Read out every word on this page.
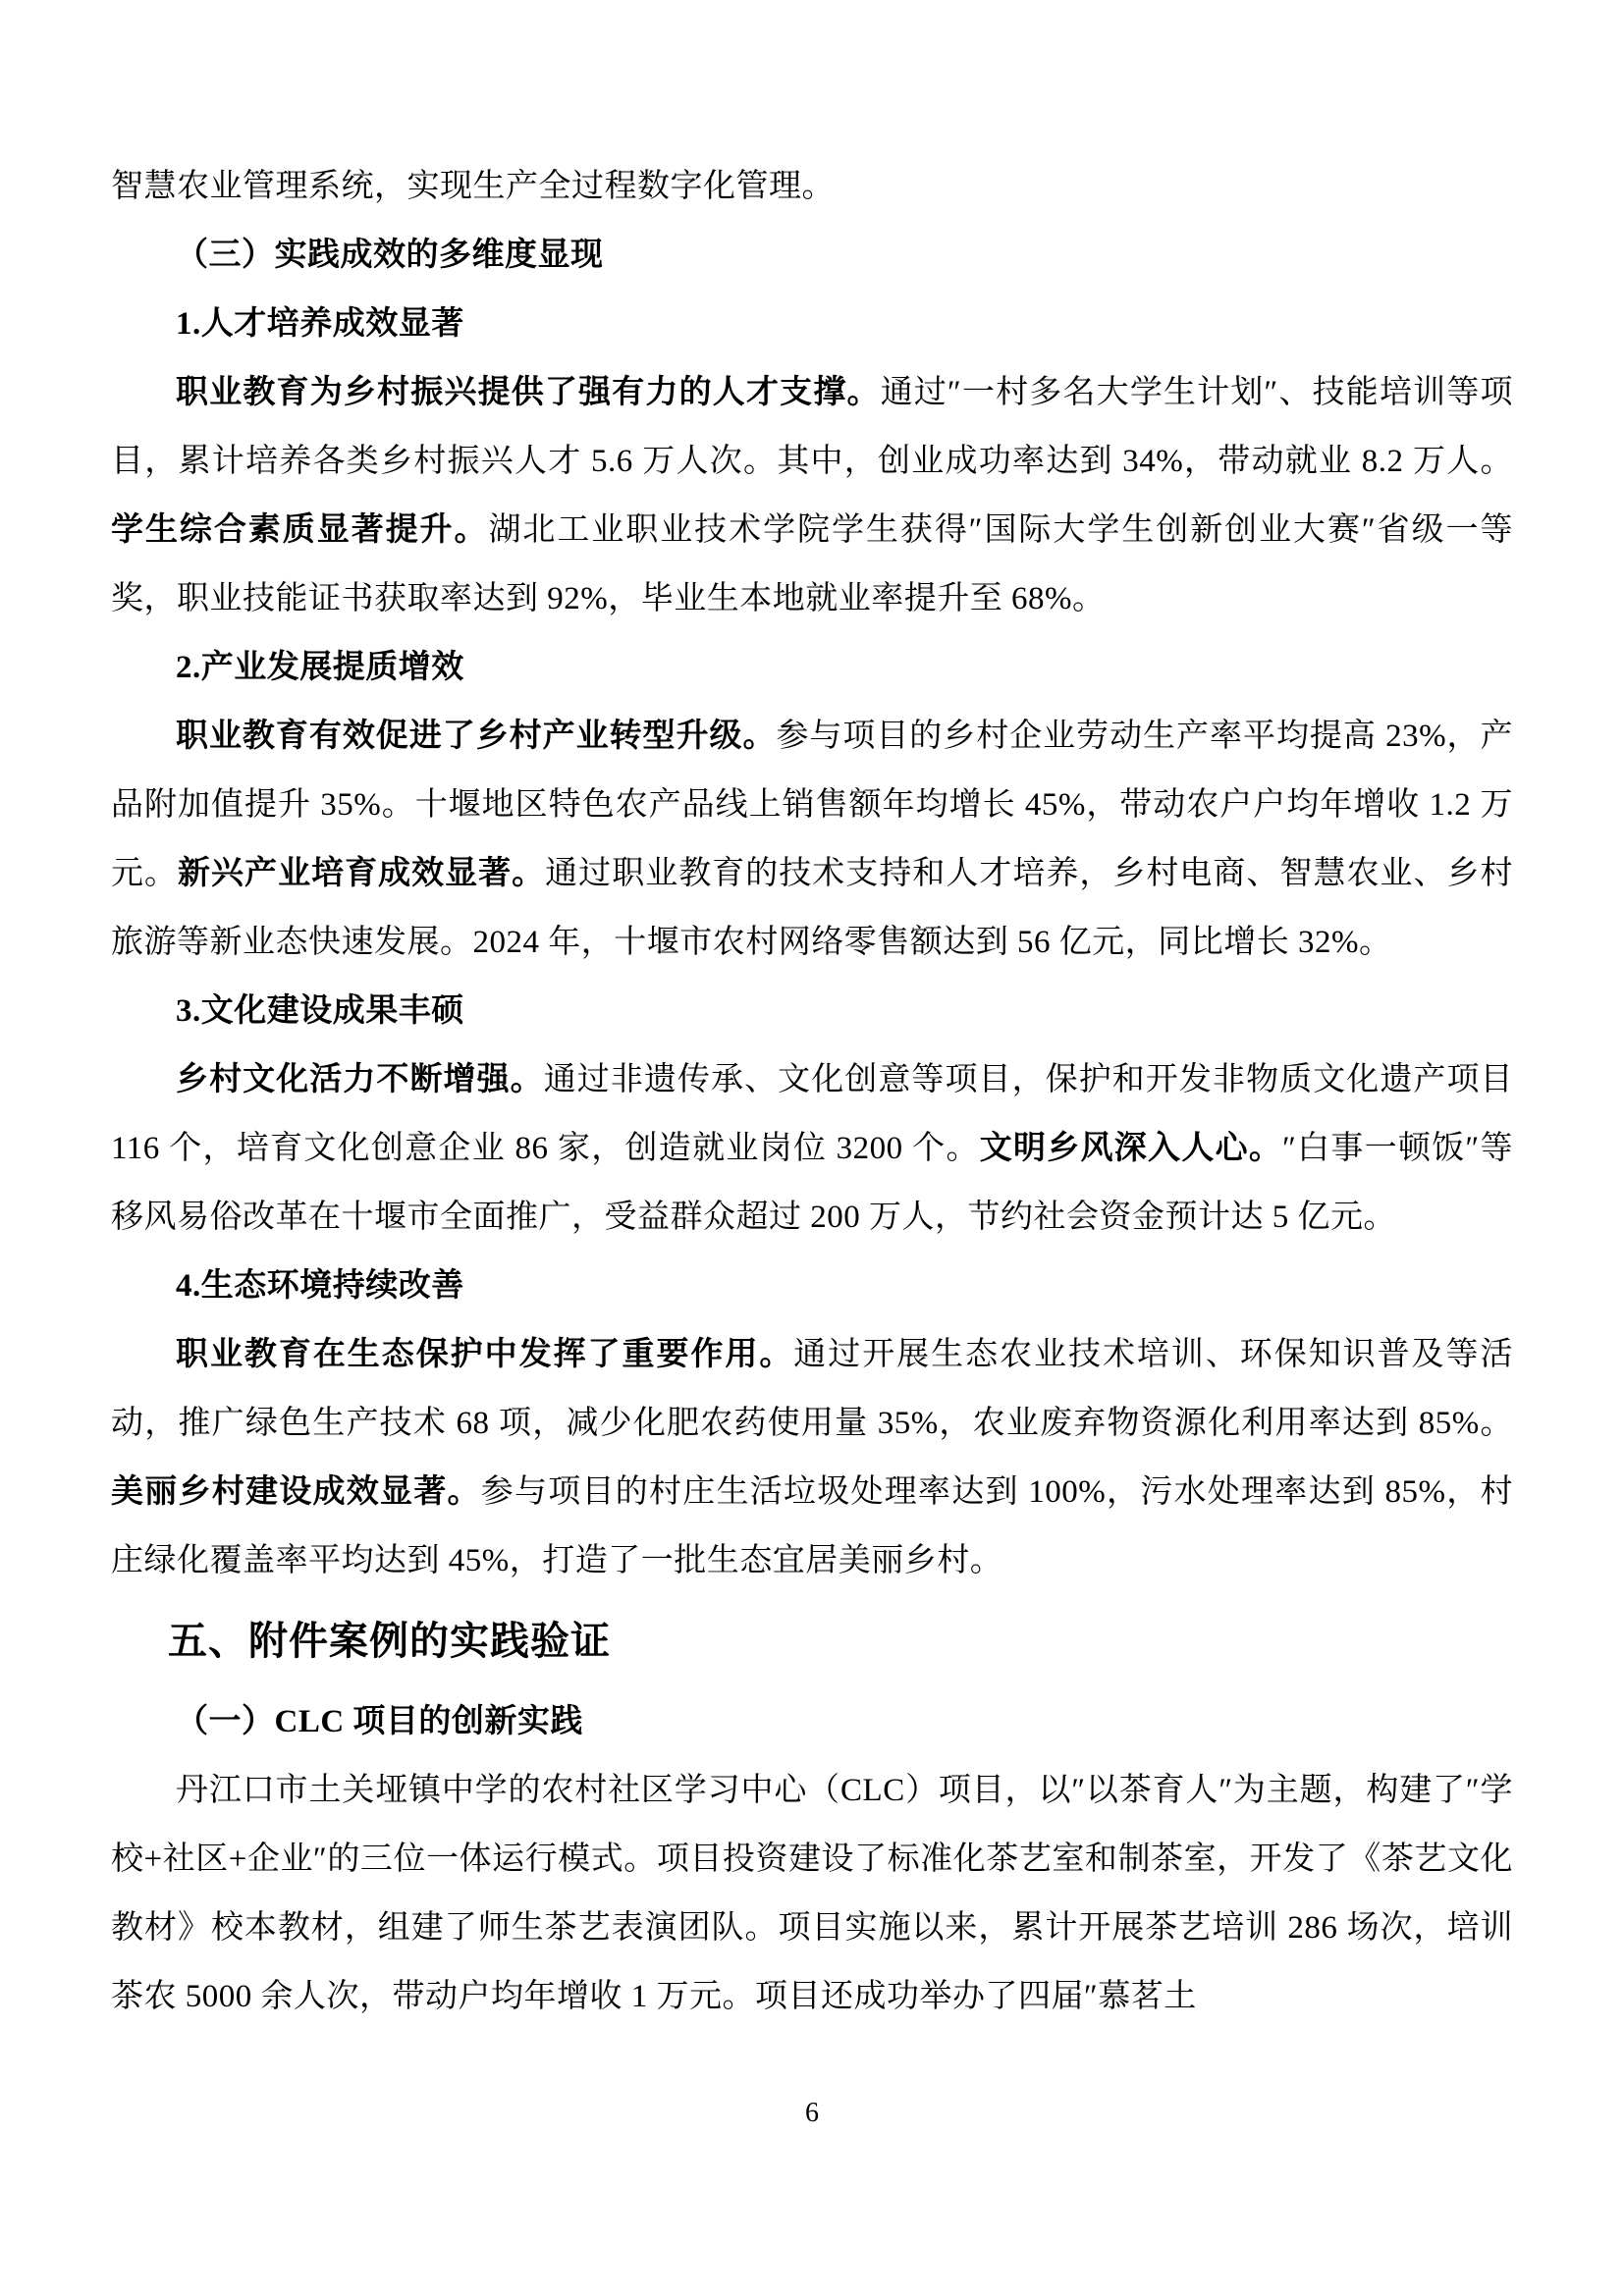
智慧农业管理系统，实现生产全过程数字化管理。
（三）实践成效的多维度显现
1.人才培养成效显著
职业教育为乡村振兴提供了强有力的人才支撑。通过″一村多名大学生计划″、技能培训等项目，累计培养各类乡村振兴人才 5.6 万人次。其中，创业成功率达到 34%，带动就业 8.2 万人。学生综合素质显著提升。湖北工业职业技术学院学生获得″国际大学生创新创业大赛″省级一等奖，职业技能证书获取率达到 92%，毕业生本地就业率提升至 68%。
2.产业发展提质增效
职业教育有效促进了乡村产业转型升级。参与项目的乡村企业劳动生产率平均提高 23%，产品附加值提升 35%。十堰地区特色农产品线上销售额年均增长 45%，带动农户户均年增收 1.2 万元。新兴产业培育成效显著。通过职业教育的技术支持和人才培养，乡村电商、智慧农业、乡村旅游等新业态快速发展。2024 年，十堰市农村网络零售额达到 56 亿元，同比增长 32%。
3.文化建设成果丰硕
乡村文化活力不断增强。通过非遗传承、文化创意等项目，保护和开发非物质文化遗产项目 116 个，培育文化创意企业 86 家，创造就业岗位 3200 个。文明乡风深入人心。″白事一顿饭″等移风易俗改革在十堰市全面推广，受益群众超过 200 万人，节约社会资金预计达 5 亿元。
4.生态环境持续改善
职业教育在生态保护中发挥了重要作用。通过开展生态农业技术培训、环保知识普及等活动，推广绿色生产技术 68 项，减少化肥农药使用量 35%，农业废弃物资源化利用率达到 85%。美丽乡村建设成效显著。参与项目的村庄生活垃圾处理率达到 100%，污水处理率达到 85%，村庄绿化覆盖率平均达到 45%，打造了一批生态宜居美丽乡村。
五、附件案例的实践验证
（一）CLC 项目的创新实践
丹江口市土关垭镇中学的农村社区学习中心（CLC）项目，以″以茶育人″为主题，构建了″学校+社区+企业″的三位一体运行模式。项目投资建设了标准化茶艺室和制茶室，开发了《茶艺文化教材》校本教材，组建了师生茶艺表演团队。项目实施以来，累计开展茶艺培训 286 场次，培训茶农 5000 余人次，带动户均年增收 1 万元。项目还成功举办了四届″慕茗土
6
